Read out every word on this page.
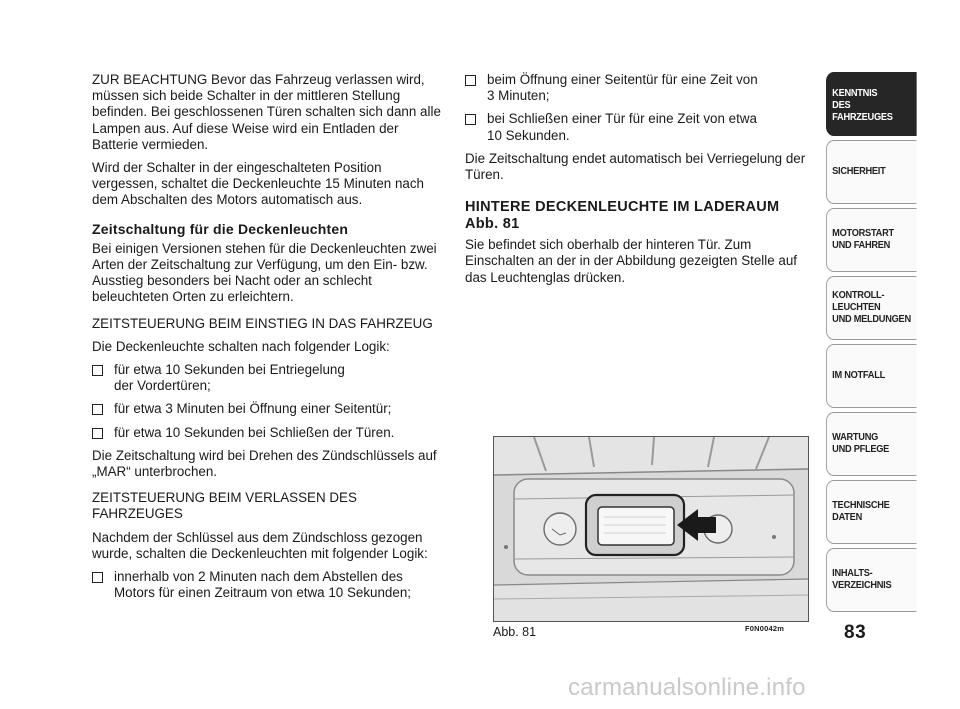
ZUR BEACHTUNG Bevor das Fahrzeug verlassen wird, müssen sich beide Schalter in der mittleren Stellung befinden. Bei geschlossenen Türen schalten sich dann alle Lampen aus. Auf diese Weise wird ein Entladen der Batterie vermieden.

Wird der Schalter in der eingeschalteten Position vergessen, schaltet die Deckenleuchte 15 Minuten nach dem Abschalten des Motors automatisch aus.

Zeitschaltung für die Deckenleuchten

Bei einigen Versionen stehen für die Deckenleuchten zwei Arten der Zeitschaltung zur Verfügung, um den Ein- bzw. Ausstieg besonders bei Nacht oder an schlecht beleuchteten Orten zu erleichtern.

ZEITSTEUERUNG BEIM EINSTIEG IN DAS FAHRZEUG

Die Deckenleuchte schalten nach folgender Logik:

für etwa 10 Sekunden bei Entriegelung
der Vordertüren;
für etwa 3 Minuten bei Öffnung einer Seitentür;
für etwa 10 Sekunden bei Schließen der Türen.

Die Zeitschaltung wird bei Drehen des Zündschlüssels auf „MAR“ unterbrochen.

ZEITSTEUERUNG BEIM VERLASSEN DES FAHRZEUGES

Nachdem der Schlüssel aus dem Zündschloss gezogen wurde, schalten die Deckenleuchten mit folgender Logik:

innerhalb von 2 Minuten nach dem Abstellen des
Motors für einen Zeitraum von etwa 10 Sekunden;
beim Öffnung einer Seitentür für eine Zeit von
3 Minuten;
bei Schließen einer Tür für eine Zeit von etwa
10 Sekunden.

Die Zeitschaltung endet automatisch bei Verriegelung der Türen.

HINTERE DECKENLEUCHTE IM LADERAUM
Abb. 81

Sie befindet sich oberhalb der hinteren Tür. Zum Einschalten an der in der Abbildung gezeigten Stelle auf das Leuchtenglas drücken.

Abb. 81	F0N0042m
KENNTNIS
DES FAHRZEUGES
SICHERHEIT
MOTORSTART
UND FAHREN
KONTROLL-
LEUCHTEN
UND MELDUNGEN
IM NOTFALL
WARTUNG
UND PFLEGE
TECHNISCHE
DATEN
INHALTS-
VERZEICHNIS
83
carmanualsonline.info
